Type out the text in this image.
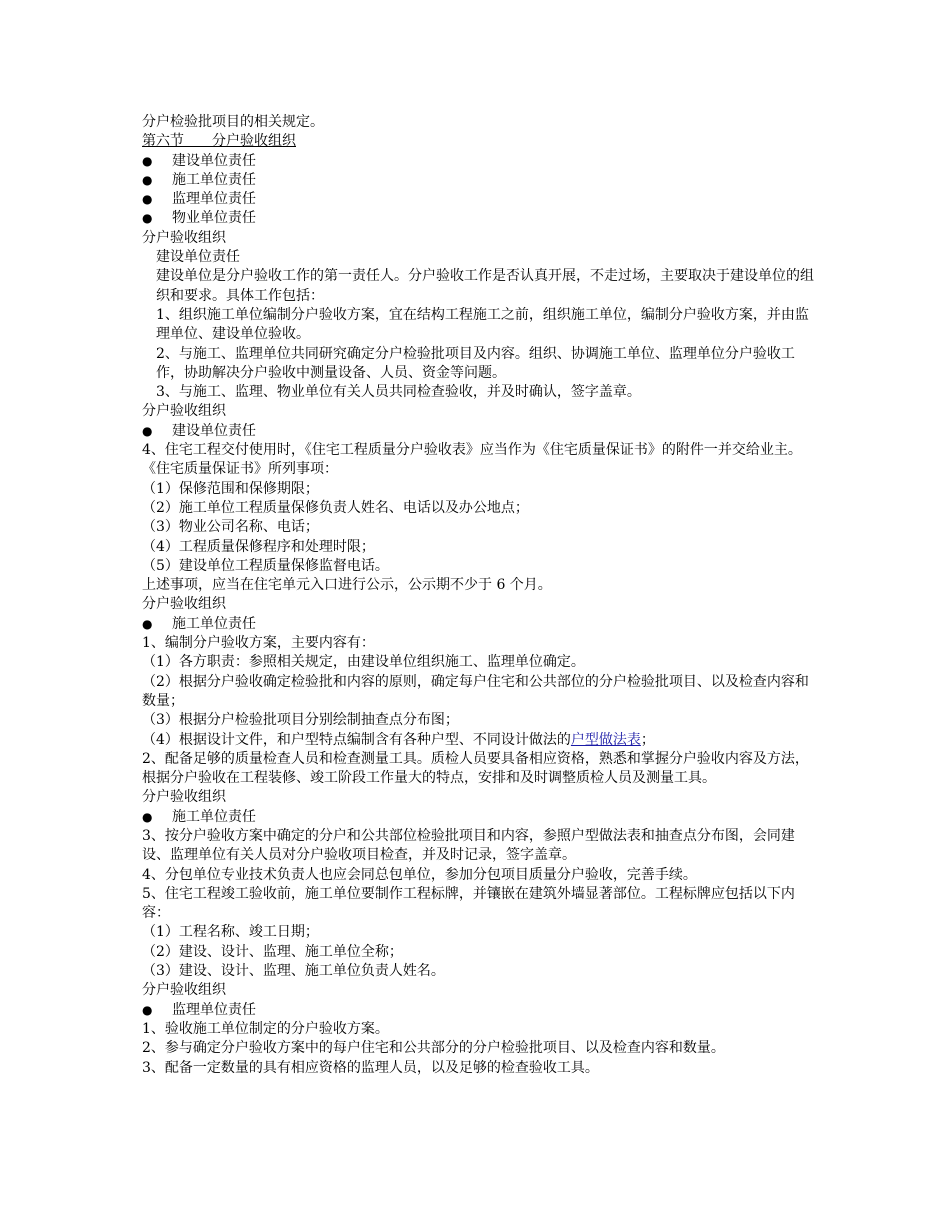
分户检验批项目的相关规定。
第六节　　分户验收组织
● 建设单位责任
● 施工单位责任
● 监理单位责任
● 物业单位责任
分户验收组织
建设单位责任
建设单位是分户验收工作的第一责任人。分户验收工作是否认真开展，不走过场，主要取决于建设单位的组织和要求。具体工作包括：
1、组织施工单位编制分户验收方案，宜在结构工程施工之前，组织施工单位，编制分户验收方案，并由监理单位、建设单位验收。
2、与施工、监理单位共同研究确定分户检验批项目及内容。组织、协调施工单位、监理单位分户验收工作，协助解决分户验收中测量设备、人员、资金等问题。
3、与施工、监理、物业单位有关人员共同检查验收，并及时确认，签字盖章。
分户验收组织
● 建设单位责任
4、住宅工程交付使用时，《住宅工程质量分户验收表》应当作为《住宅质量保证书》的附件一并交给业主。《住宅质量保证书》所列事项：
（1）保修范围和保修期限；
（2）施工单位工程质量保修负责人姓名、电话以及办公地点；
（3）物业公司名称、电话；
（4）工程质量保修程序和处理时限；
（5）建设单位工程质量保修监督电话。
上述事项，应当在住宅单元入口进行公示，公示期不少于 6 个月。
分户验收组织
● 施工单位责任
1、编制分户验收方案，主要内容有：
（1）各方职责：参照相关规定，由建设单位组织施工、监理单位确定。
（2）根据分户验收确定检验批和内容的原则，确定每户住宅和公共部位的分户检验批项目、以及检查内容和数量；
（3）根据分户检验批项目分别绘制抽查点分布图；
（4）根据设计文件，和户型特点编制含有各种户型、不同设计做法的户型做法表；
2、配备足够的质量检查人员和检查测量工具。质检人员要具备相应资格，熟悉和掌握分户验收内容及方法，根据分户验收在工程装修、竣工阶段工作量大的特点，安排和及时调整质检人员及测量工具。
分户验收组织
● 施工单位责任
3、按分户验收方案中确定的分户和公共部位检验批项目和内容，参照户型做法表和抽查点分布图，会同建设、监理单位有关人员对分户验收项目检查，并及时记录，签字盖章。
4、分包单位专业技术负责人也应会同总包单位，参加分包项目质量分户验收，完善手续。
5、住宅工程竣工验收前，施工单位要制作工程标牌，并镶嵌在建筑外墙显著部位。工程标牌应包括以下内容：
（1）工程名称、竣工日期；
（2）建设、设计、监理、施工单位全称；
（3）建设、设计、监理、施工单位负责人姓名。
分户验收组织
● 监理单位责任
1、验收施工单位制定的分户验收方案。
2、参与确定分户验收方案中的每户住宅和公共部分的分户检验批项目、以及检查内容和数量。
3、配备一定数量的具有相应资格的监理人员，以及足够的检查验收工具。
